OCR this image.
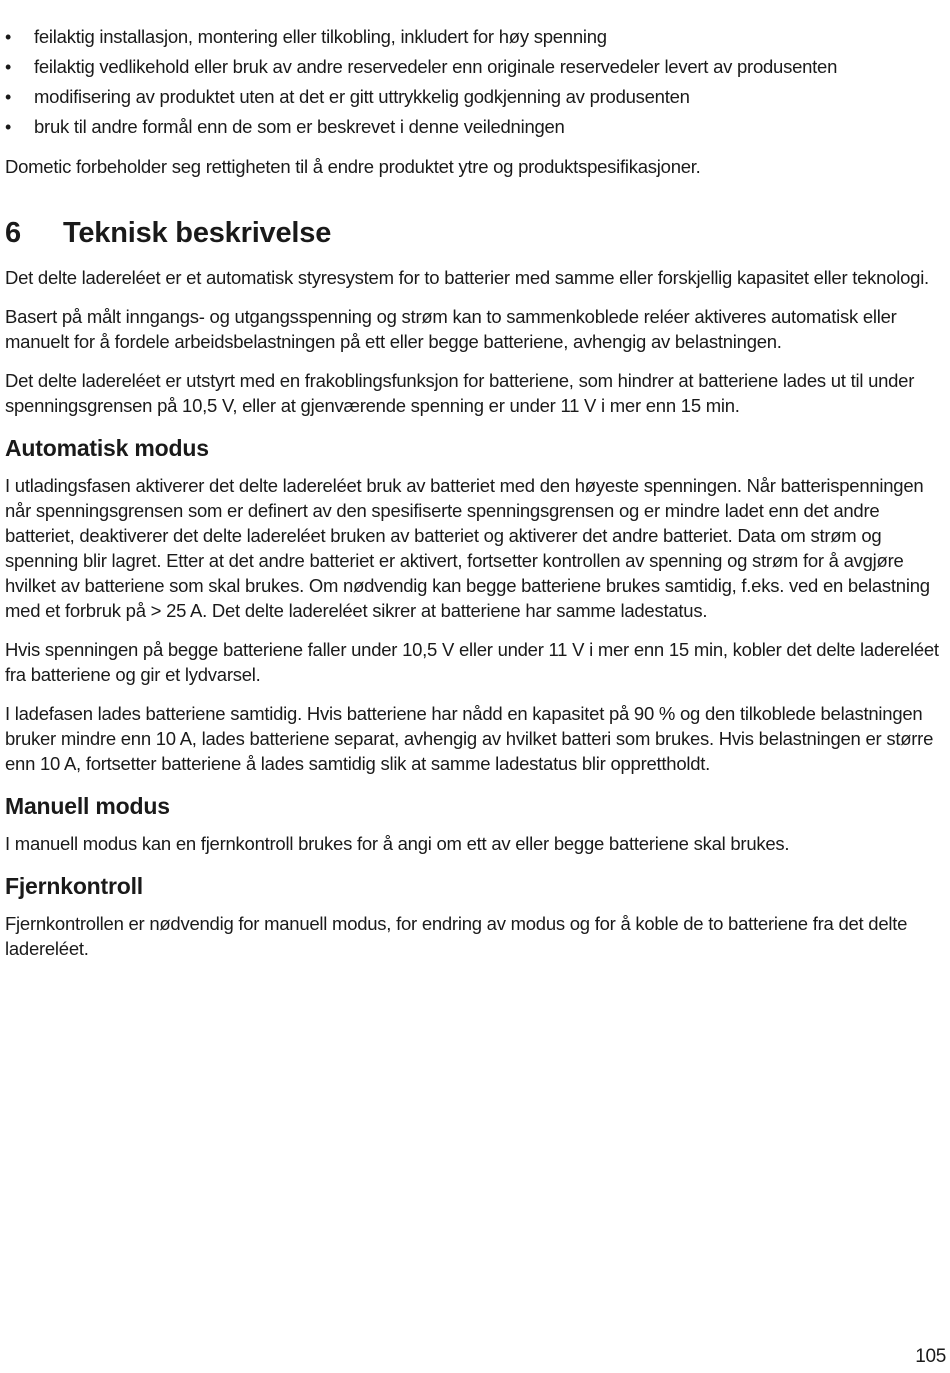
• feilaktig installasjon, montering eller tilkobling, inkludert for høy spenning
• feilaktig vedlikehold eller bruk av andre reservedeler enn originale reservedeler levert av produsenten
• modifisering av produktet uten at det er gitt uttrykkelig godkjenning av produsenten
• bruk til andre formål enn de som er beskrevet i denne veiledningen

Dometic forbeholder seg rettigheten til å endre produktet ytre og produktspesifikasjoner.

6 Teknisk beskrivelse

Det delte ladereléet er et automatisk styresystem for to batterier med samme eller forskjellig kapasitet eller teknologi.

Basert på målt inngangs- og utgangsspenning og strøm kan to sammenkoblede reléer aktiveres automatisk eller manuelt for å fordele arbeidsbelastningen på ett eller begge batteriene, avhengig av belastningen.

Det delte ladereléet er utstyrt med en frakoblingsfunksjon for batteriene, som hindrer at batteriene lades ut til under spenningsgrensen på 10,5 V, eller at gjenværende spenning er under 11 V i mer enn 15 min.

Automatisk modus

I utladingsfasen aktiverer det delte ladereléet bruk av batteriet med den høyeste spenningen. Når batterispenningen når spenningsgrensen som er definert av den spesifiserte spenningsgrensen og er mindre ladet enn det andre batteriet, deaktiverer det delte ladereléet bruken av batteriet og aktiverer det andre batteriet. Data om strøm og spenning blir lagret. Etter at det andre batteriet er aktivert, fortsetter kontrollen av spenning og strøm for å avgjøre hvilket av batteriene som skal brukes. Om nødvendig kan begge batteriene brukes samtidig, f.eks. ved en belastning med et forbruk på > 25 A. Det delte ladereléet sikrer at batteriene har samme ladestatus.

Hvis spenningen på begge batteriene faller under 10,5 V eller under 11 V i mer enn 15 min, kobler det delte ladereléet fra batteriene og gir et lydvarsel.

I ladefasen lades batteriene samtidig. Hvis batteriene har nådd en kapasitet på 90 % og den tilkoblede belastningen bruker mindre enn 10 A, lades batteriene separat, avhengig av hvilket batteri som brukes. Hvis belastningen er større enn 10 A, fortsetter batteriene å lades samtidig slik at samme ladestatus blir opprettholdt.

Manuell modus

I manuell modus kan en fjernkontroll brukes for å angi om ett av eller begge batteriene skal brukes.

Fjernkontroll

Fjernkontrollen er nødvendig for manuell modus, for endring av modus og for å koble de to batteriene fra det delte ladereléet.

105
